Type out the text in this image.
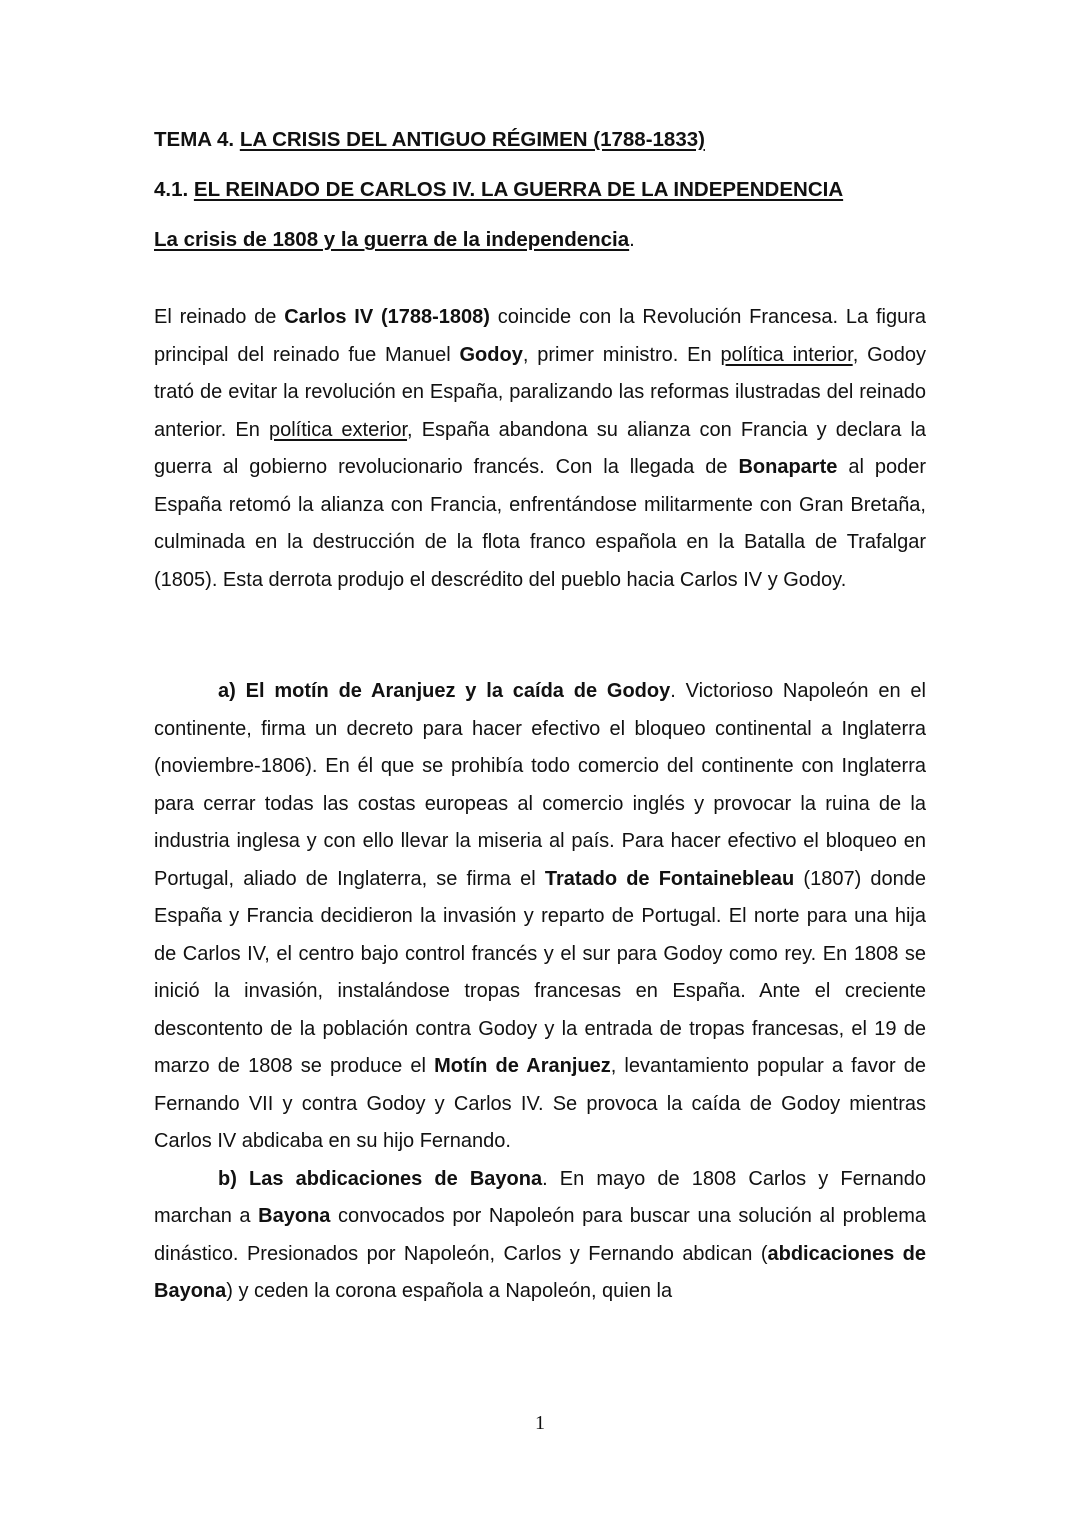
TEMA 4. LA CRISIS DEL ANTIGUO RÉGIMEN (1788-1833)
4.1. EL REINADO DE CARLOS IV. LA GUERRA DE LA INDEPENDENCIA
La crisis de 1808 y la guerra de la independencia.

El reinado de Carlos IV (1788-1808) coincide con la Revolución Francesa. La figura principal del reinado fue Manuel Godoy, primer ministro. En política interior, Godoy trató de evitar la revolución en España, paralizando las reformas ilustradas del reinado anterior. En política exterior, España abandona su alianza con Francia y declara la guerra al gobierno revolucionario francés. Con la llegada de Bonaparte al poder España retomó la alianza con Francia, enfrentándose militarmente con Gran Bretaña, culminada en la destrucción de la flota franco española en la Batalla de Trafalgar (1805). Esta derrota produjo el descrédito del pueblo hacia Carlos IV y Godoy.

a) El motín de Aranjuez y la caída de Godoy. Victorioso Napoleón en el continente, firma un decreto para hacer efectivo el bloqueo continental a Inglaterra (noviembre-1806). En él que se prohibía todo comercio del continente con Inglaterra para cerrar todas las costas europeas al comercio inglés y provocar la ruina de la industria inglesa y con ello llevar la miseria al país. Para hacer efectivo el bloqueo en Portugal, aliado de Inglaterra, se firma el Tratado de Fontainebleau (1807) donde España y Francia decidieron la invasión y reparto de Portugal. El norte para una hija de Carlos IV, el centro bajo control francés y el sur para Godoy como rey. En 1808 se inició la invasión, instalándose tropas francesas en España. Ante el creciente descontento de la población contra Godoy y la entrada de tropas francesas, el 19 de marzo de 1808 se produce el Motín de Aranjuez, levantamiento popular a favor de Fernando VII y contra Godoy y Carlos IV. Se provoca la caída de Godoy mientras Carlos IV abdicaba en su hijo Fernando.

b) Las abdicaciones de Bayona. En mayo de 1808 Carlos y Fernando marchan a Bayona convocados por Napoleón para buscar una solución al problema dinástico. Presionados por Napoleón, Carlos y Fernando abdican (abdicaciones de Bayona) y ceden la corona española a Napoleón, quien la

1
